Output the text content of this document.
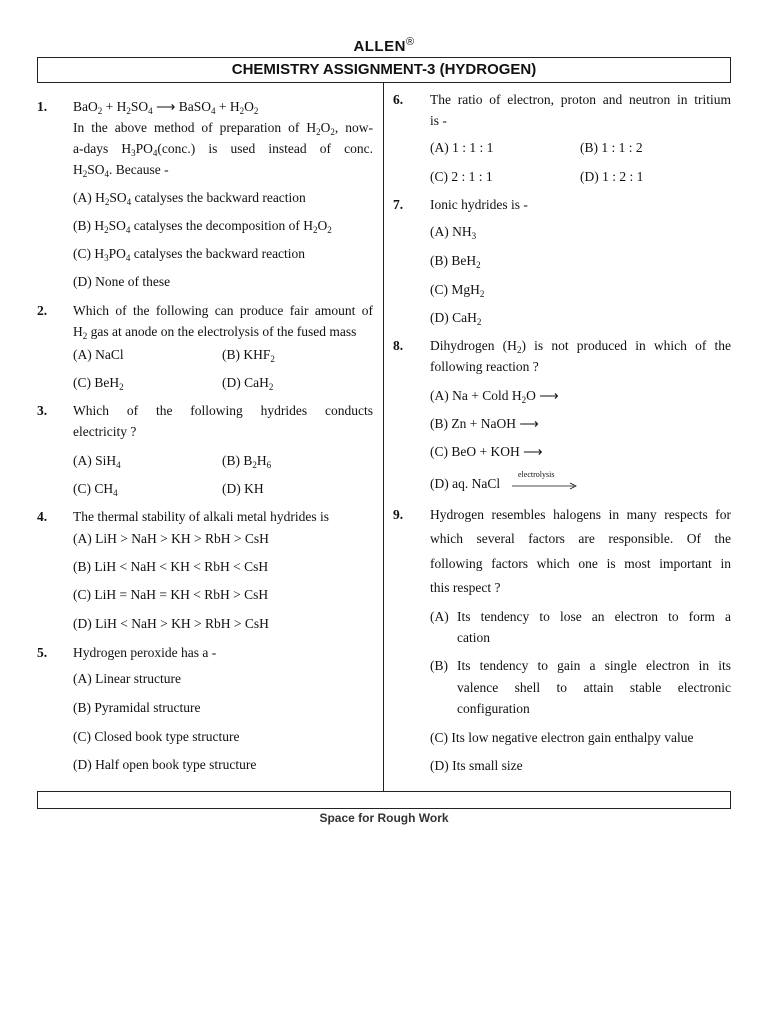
ALLEN®
CHEMISTRY ASSIGNMENT-3 (HYDROGEN)
1. $BaO_2 + H_2SO_4$ ⟶ BaSO$_4$ + $H_2O_2$
In the above method of preparation of $H_2O_2$, now-
a-days $H_3PO_4(conc.)$ is used instead of conc.
$H_2SO_4$. Because -
(A) $H_2SO_4$ catalyses the backward reaction
(B) $H_2SO_4$ catalyses the decomposition of $H_2O_2$
(C) $H_3PO_4$ catalyses the backward reaction
(D) None of these
2. Which of the following can produce fair amount of
$H_2$ gas at anode on the electrolysis of the fused mass
(A) NaCl	(B) $KHF_2$
(C) BeH$_2$	(D) CaH$_2$
3. Which of the following hydrides conducts
electricity ?
(A) SiH$_4$	(B) $B_2H_6$
(C) $CH_4$	(D) KH
4. The thermal stability of alkali metal hydrides is
(A) LiH > NaH > KH > RbH > CsH
(B) LiH < NaH < KH < RbH < CsH
(C) LiH = NaH = KH < RbH > CsH
(D) LiH < NaH > KH > RbH > CsH
5. Hydrogen peroxide has a -
(A) Linear structure
(B) Pyramidal structure
(C) Closed book type structure
(D) Half open book type structure
6. The ratio of electron, proton and neutron in tritium
is -
(A) 1 : 1 : 1	(B) 1 : 1 : 2
(C) 2 : 1 : 1	(D) 1 : 2 : 1
7. Ionic hydrides is -
(A) $NH_3$
(B) BeH$_2$
(C) MgH$_2$
(D) CaH$_2$
8. Dihydrogen $(H_2)$ is not produced in which of the
following reaction ?
(A) Na + Cold $H_2O$ ⟶
(B) Zn + NaOH ⟶
(C) BeO + KOH ⟶
(D) aq. NaCl
electrolysis
9. Hydrogen resembles halogens in many respects for
which several factors are responsible. Of the
following factors which one is most important in
this respect ?
(A) Its tendency to lose an electron to form a
cation
(B) Its tendency to gain a single electron in its
valence shell to attain stable electronic
configuration
(C) Its low negative electron gain enthalpy value
(D) Its small size
Space for Rough Work
